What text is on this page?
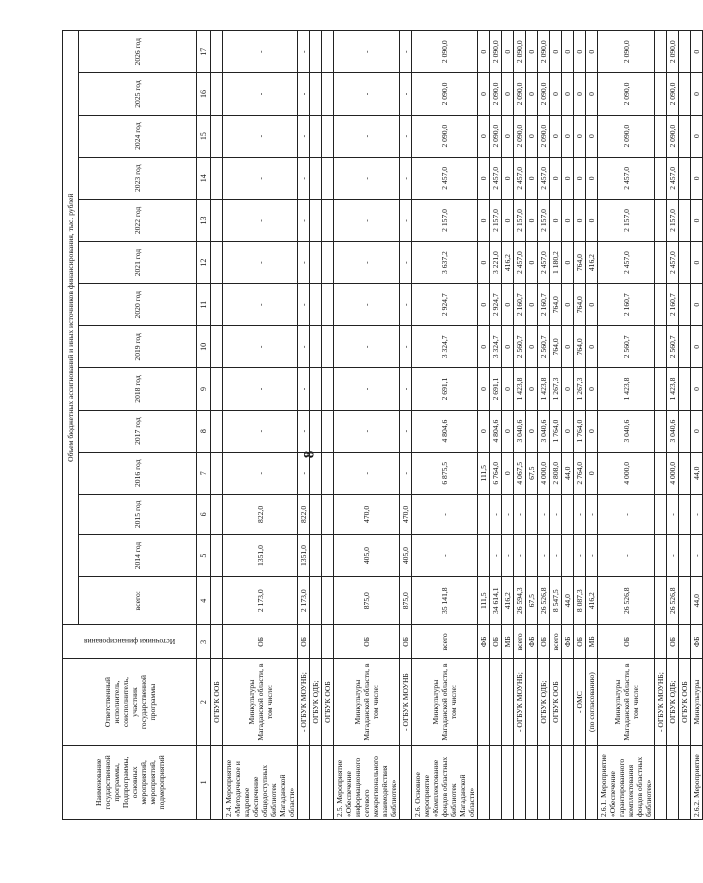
8
Наименование государственной программы, Подпрограммы, основных мероприятий, мероприятий, подмероприятий	Ответственный исполнитель, соисполнитель, участник государственной программы	Источники финансирования	Объем бюджетных ассигнований и иных источников финансирования, тыс. рублей													
			всего:	2014 год	2015 год	2016 год	2017 год	2018 год	2019 год	2020 год	2021 год	2022 год	2023 год	2024 год	2025 год	2026 год
1	2	3	4	5	6	7	8	9	10	11	12	13	14	15	16	17
	ОГБУК ООБ															
2.4. Мероприятие «Методическое и кадровое обеспечение общедоступных библиотек Магаданской области»	Минкультуры Магаданской области, в том числе:	ОБ	2 173,0	1351,0	822,0	-	-	-	-	-	-	-	-	-	-	-
	- ОГБУК МОУНБ;	ОБ	2 173,0	1351,0	822,0	-	-	-	-	-	-	-	-	-	-	-
	ОГБУК ОДБ;															
	ОГБУК ООБ															
2.5. Мероприятие «Обеспечение информационного сетевого межрегионального взаимодействия библиотек»	Минкультуры Магаданской области, в том числе:	ОБ	875,0	405,0	470,0	-	-	-	-	-	-	-	-	-	-	-
	- ОГБУК МОУНБ	ОБ	875,0	405,0	470,0	-	-	-	-	-	-	-	-	-	-	-
2.6. Основное мероприятие «Комплектование фондов областных библиотек Магаданской области»	Минкультуры Магаданской области, в том числе:	всего	35 141,8	-	-	6 875,5	4 804,6	2 691,1	3 324,7	2 924,7	3 637,2	2 157,0	2 457,0	2 090,0	2 090,0	2 090,0
		ФБ	111,5			111,5	0	0	0	0	0	0	0	0	0	0
		ОБ	34 614,1	-	-	6 764,0	4 804,6	2 691,1	3 324,7	2 924,7	3 221,0	2 157,0	2 457,0	2 090,0	2 090,0	2 090,0
		МБ	416,2	-	-	0	0	0	0	0	416,2	0	0	0	0	0
	- ОГБУК МОУНБ;	всего	26 594,3	-	-	4 067,5	3 040,6	1 423,8	2 560,7	2 160,7	2 457,0	2 157,0	2 457,0	2 090,0	2 090,0	2 090,0
		ФБ	67,5			67,5	0	0	0	0	0	0	0	0	0	0
	ОГБУК ОДБ;	ОБ	26 526,8	-	-	4 000,0	3 040,6	1 423,8	2 560,7	2 160,7	2 457,0	2 157,0	2 457,0	2 090,0	2 090,0	2 090,0
	ОГБУК ООБ	всего	8 547,5	-	-	2 808,0	1 764,0	1 267,3	764,0	764,0	1 180,2	0	0	0	0	0
		ФБ	44,0			44,0	0	0	0	0	0	0	0	0	0	0
	- ОМС	ОБ	8 087,3	-	-	2 764,0	1 764,0	1 267,3	764,0	764,0	764,0	0	0	0	0	0
	(по согласованию)	МБ	416,2	-	-	0	0	0	0	0	416,2	0	0	0	0	0
2.6.1. Мероприятие «Обеспечение гарантированного комплектования фондов областных библиотек»	Минкультуры Магаданской области, в том числе:	ОБ	26 526,8	-	-	4 000,0	3 040,6	1 423,8	2 560,7	2 160,7	2 457,0	2 157,0	2 457,0	2 090,0	2 090,0	2 090,0
	- ОГБУК МОУНБ;															
	ОГБУК ОДБ;	ОБ	26 526,8	-	-	4 000,0	3 040,6	1 423,8	2 560,7	2 160,7	2 457,0	2 157,0	2 457,0	2 090,0	2 090,0	2 090,0
	ОГБУК ООБ															
2.6.2. Мероприятие	Минкультуры	ФБ	44,0	-	-	44,0	0	0	0	0	0	0	0	0	0	0
